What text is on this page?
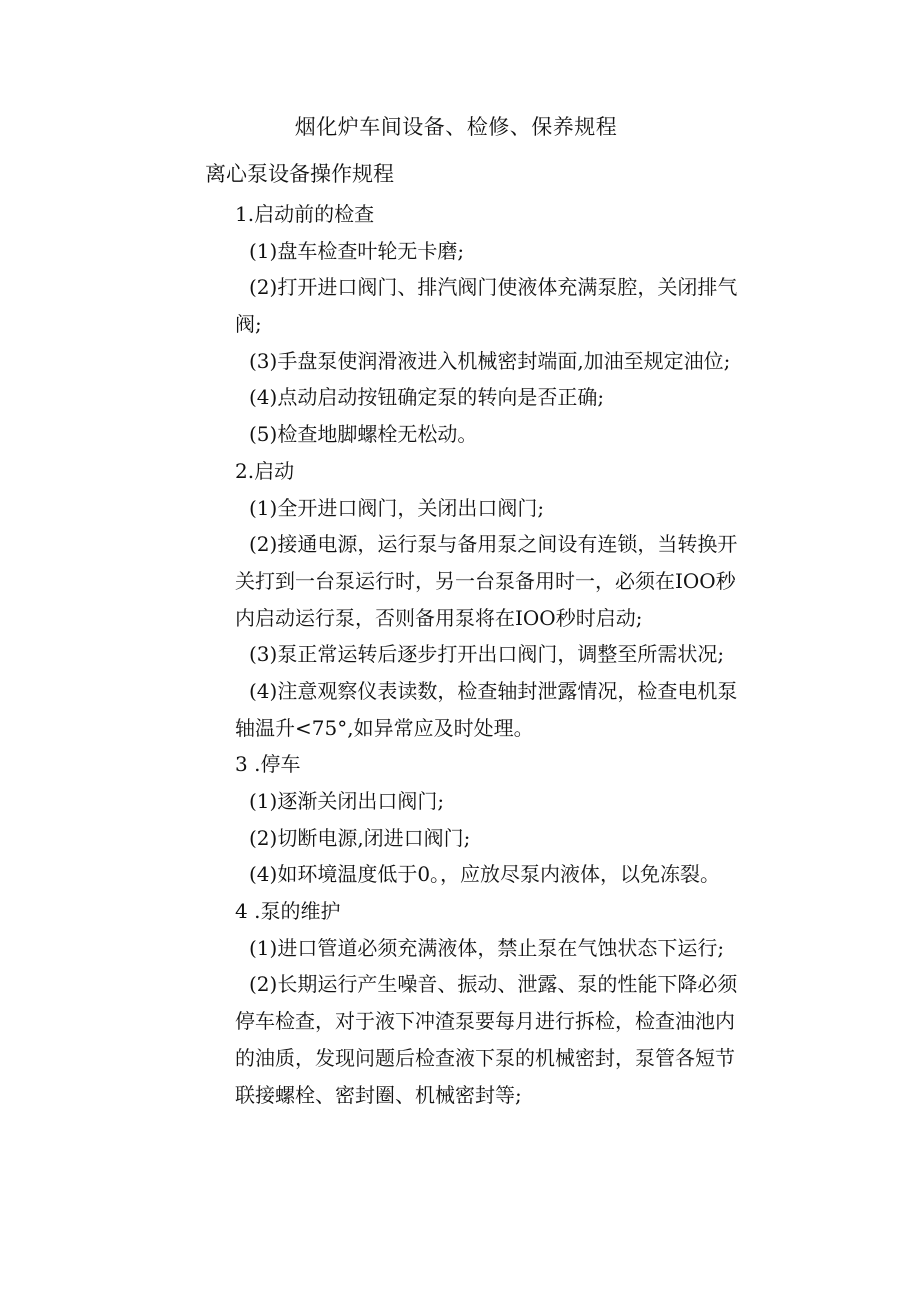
烟化炉车间设备、检修、保养规程
离心泵设备操作规程
1.启动前的检查
(1)盘车检查叶轮无卡磨;
(2)打开进口阀门、排汽阀门使液体充满泵腔，关闭排气
阀;
(3)手盘泵使润滑液进入机械密封端面,加油至规定油位;
(4)点动启动按钮确定泵的转向是否正确;
(5)检查地脚螺栓无松动。
2.启动
(1)全开进口阀门，关闭出口阀门;
(2)接通电源，运行泵与备用泵之间设有连锁，当转换开
关打到一台泵运行时，另一台泵备用时一，必须在IOO秒
内启动运行泵，否则备用泵将在IOO秒时启动;
(3)泵正常运转后逐步打开出口阀门，调整至所需状况;
(4)注意观察仪表读数，检查轴封泄露情况，检查电机泵
轴温升<75°,如异常应及时处理。
3 .停车
(1)逐渐关闭出口阀门;
(2)切断电源,闭进口阀门;
(4)如环境温度低于0。，应放尽泵内液体，以免冻裂。
4 .泵的维护
(1)进口管道必须充满液体，禁止泵在气蚀状态下运行;
(2)长期运行产生噪音、振动、泄露、泵的性能下降必须
停车检查，对于液下冲渣泵要每月进行拆检，检查油池内
的油质，发现问题后检查液下泵的机械密封，泵管各短节
联接螺栓、密封圈、机械密封等;
